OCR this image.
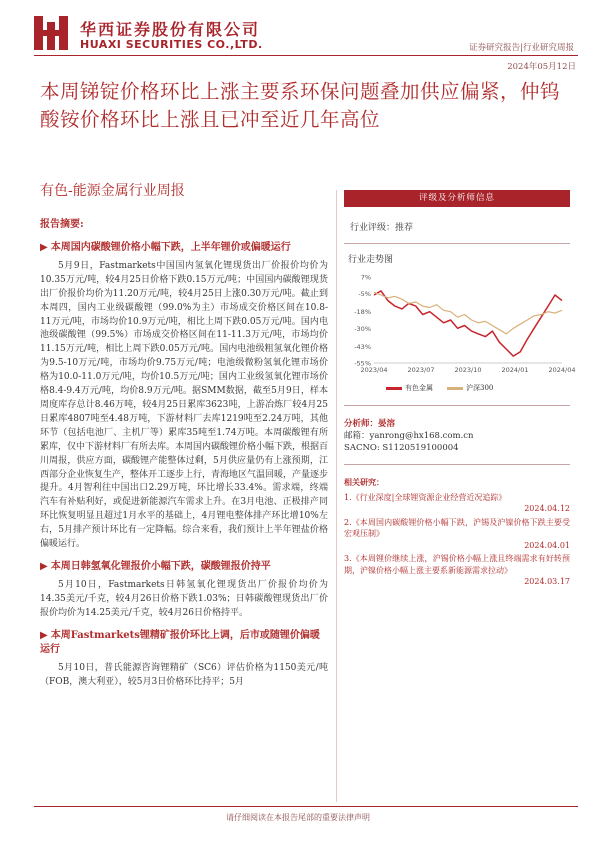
华西证券股份有限公司
HUAXI SECURITIES CO.,LTD.	证券研究报告|行业研究周报
2024年05月12日
本周锑锭价格环比上涨主要系环保问题叠加供应偏紧，仲钨酸铵价格环比上涨且已冲至近几年高位
有色-能源金属行业周报
报告摘要:
▶ 本周国内碳酸锂价格小幅下跌，上半年锂价或偏暖运行
5月9日，Fastmarkets中国国内氢氧化锂现货出厂价报价均价为10.35万元/吨，较4月25日价格下跌0.15万元/吨；中国国内碳酸锂现货出厂价报价均价为11.20万元/吨，较4月25日上涨0.30万元/吨。截止到本周四，国内工业级碳酸锂（99.0%为主）市场成交价格区间在10.8-11万元/吨，市场均价10.9万元/吨，相比上周下跌0.05万元/吨。国内电池级碳酸锂（99.5%）市场成交价格区间在11-11.3万元/吨，市场均价11.15万元/吨，相比上周下跌0.05万元/吨。国内电池级粗氢氧化锂价格为9.5-10万元/吨，市场均价9.75万元/吨；电池级微粉氢氧化锂市场价格为10.0-11.0万元/吨，均价10.5万元/吨；国内工业级氢氧化锂市场价格8.4-9.4万元/吨，均价8.9万元/吨。据SMM数据，截至5月9日，样本周度库存总计8.46万吨，较4月25日累库3623吨，上游冶炼厂较4月25日累库4807吨至4.48万吨，下游材料厂去库1219吨至2.24万吨，其他环节（包括电池厂、主机厂等）累库35吨至1.74万吨。本周碳酸锂有所累库，仅中下游材料厂有所去库。本周国内碳酸锂价格小幅下跌，根据百川周报，供应方面，碳酸锂产能整体过剩，5月供应量仍有上涨预期，江西部分企业恢复生产，整体开工逐步上行，青海地区气温回暖，产量逐步提升。4月智利往中国出口2.29万吨，环比增长33.4%。需求端，终端汽车有补贴利好，或促进新能源汽车需求上升。在3月电池、正极排产同环比恢复明显且超过1月水平的基础上，4月锂电整体排产环比增10%左右，5月排产预计环比有一定降幅。综合来看，我们预计上半年锂盐价格偏暖运行。
▶ 本周日韩氢氧化锂报价小幅下跌，碳酸锂报价持平
5月10日，Fastmarkets日韩氢氧化锂现货出厂价报价均价为14.35美元/千克，较4月26日价格下跌1.03%；日韩碳酸锂现货出厂价报价均价为14.25美元/千克，较4月26日价格持平。
▶ 本周Fastmarkets锂精矿报价环比上调，后市或随锂价偏暖运行
5月10日，普氏能源咨询锂精矿（SC6）评估价格为1150美元/吨（FOB，澳大利亚），较5月3日价格环比持平；5月
评级及分析师信息
行业评级：推荐
行业走势图
7%
-5%
-18%
-30%
-43%
-55%
2023/04	2023/07	2023/10	2024/01	2024/04
有色金属	沪深300
分析师：晏溶
邮箱：yanrong@hx168.com.cn
SACNO: S1120519100004
相关研究：
1.《行业深度|全球锂资源企业经营近况追踪》
2024.04.12
2.《本周国内碳酸锂价格小幅下跌，沪锡及沪镍价格下跌主要受宏观压制》
2024.04.01
3.《本周锂价继续上涨，沪锡价格小幅上涨且终端需求有好转预期，沪镍价格小幅上涨主要系新能源需求拉动》
2024.03.17
请仔细阅读在本报告尾部的重要法律声明
